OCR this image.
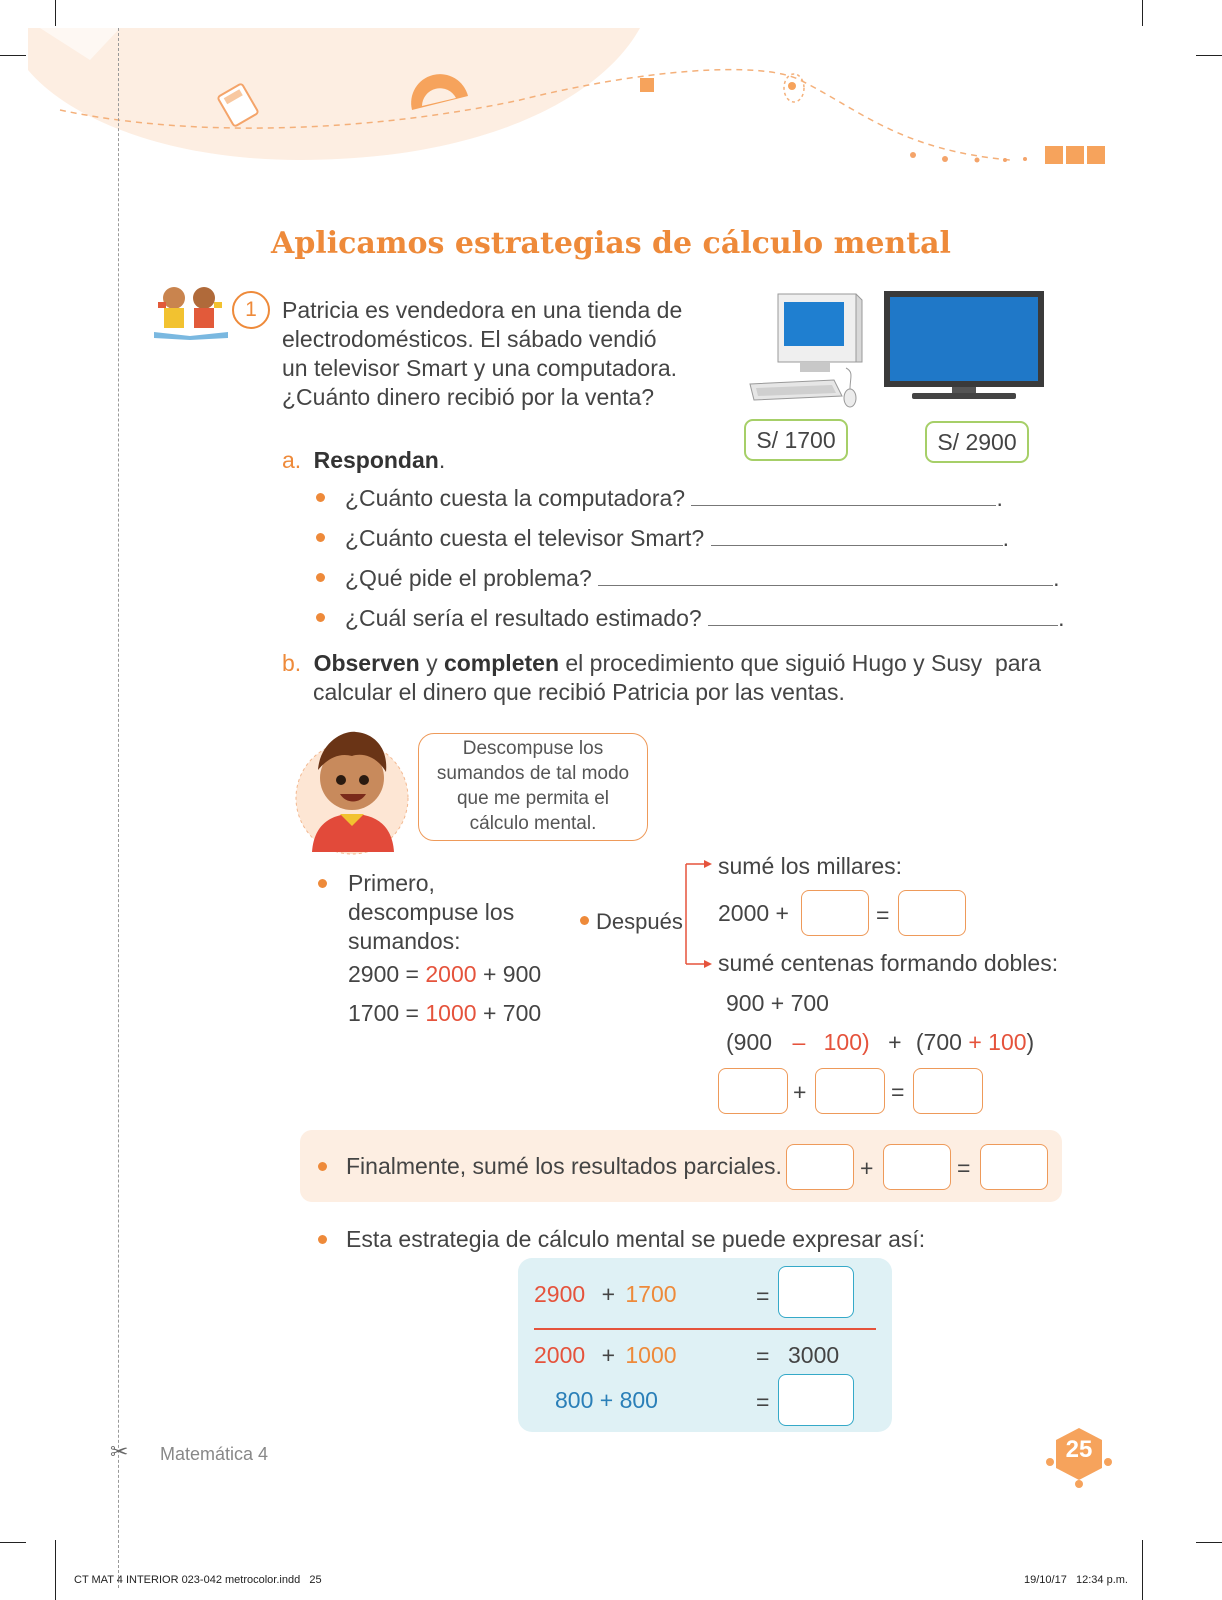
Aplicamos estrategias de cálculo mental
1	Patricia es vendedora en una tienda de
electrodomésticos. El sábado vendió
un televisor Smart y una computadora.
¿Cuánto dinero recibió por la venta?
S/ 1700	S/ 2900
a. Respondan.
¿Cuánto cuesta la computadora?	.
¿Cuánto cuesta el televisor Smart?	.
¿Qué pide el problema?	.
¿Cuál sería el resultado estimado?	.
b. Observen y completen el procedimiento que siguió Hugo y Susy  para
calcular el dinero que recibió Patricia por las ventas.
Descompuse los
sumandos de tal modo
que me permita el
cálculo mental.
Primero,
descompuse los
sumandos:
2900 = 2000 + 900
1700 = 1000 + 700
Después
sumé los millares:
2000 +	=
sumé centenas formando dobles:
900 + 700
(900 – 100) + (700 + 100)
+	=
Finalmente, sumé los resultados parciales.	+	=
Esta estrategia de cálculo mental se puede expresar así:
2900 + 1700	=
2000 + 1000	= 3000
800 + 800	=
✂ Matemática 4	25
CT MAT 4 INTERIOR 023-042 metrocolor.indd   25	19/10/17   12:34 p.m.
